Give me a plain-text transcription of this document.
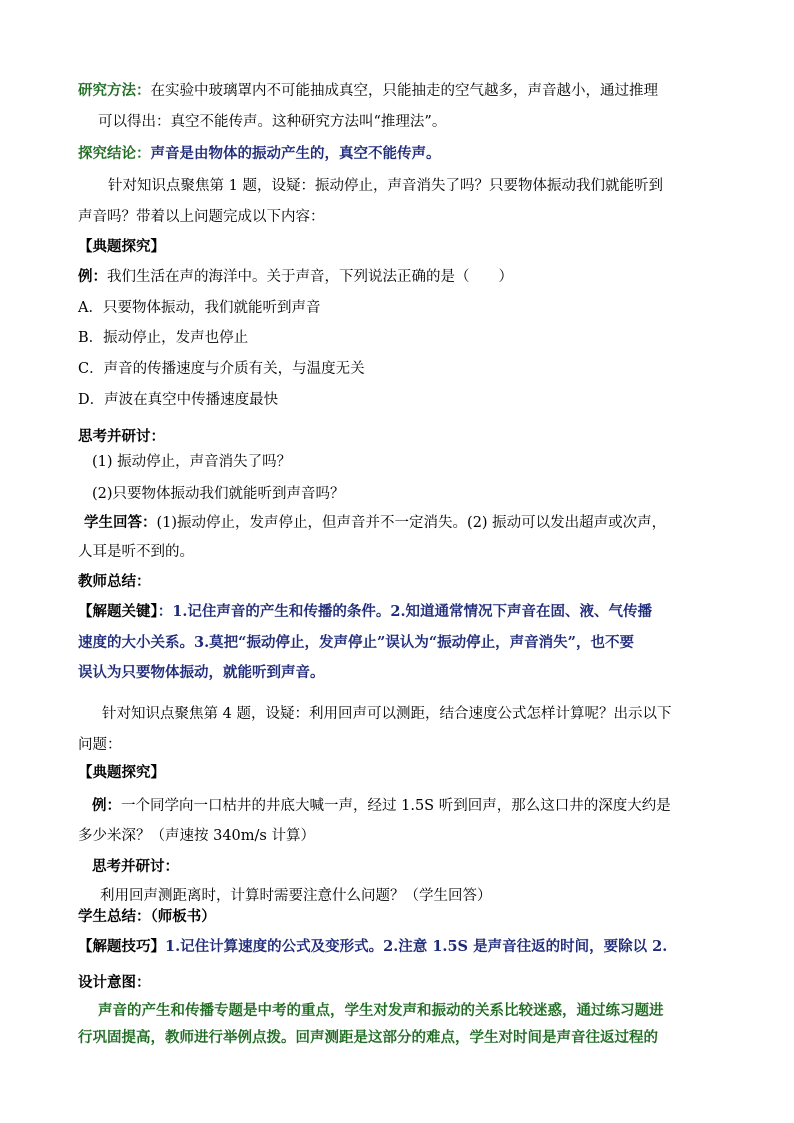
研究方法：在实验中玻璃罩内不可能抽成真空，只能抽走的空气越多，声音越小，通过推理
可以得出：真空不能传声。这种研究方法叫“推理法”。
探究结论：声音是由物体的振动产生的，真空不能传声。
针对知识点聚焦第 1 题，设疑：振动停止，声音消失了吗？只要物体振动我们就能听到
声音吗？带着以上问题完成以下内容：
【典题探究】
例：我们生活在声的海洋中。关于声音，下列说法正确的是（　　）
A．只要物体振动，我们就能听到声音
B．振动停止，发声也停止
C．声音的传播速度与介质有关，与温度无关
D．声波在真空中传播速度最快
思考并研讨：
(1) 振动停止，声音消失了吗？
(2)只要物体振动我们就能听到声音吗？
学生回答：(1)振动停止，发声停止，但声音并不一定消失。(2) 振动可以发出超声或次声，
人耳是听不到的。
教师总结：
【解题关键】：1.记住声音的产生和传播的条件。2.知道通常情况下声音在固、液、气传播
速度的大小关系。3.莫把“振动停止，发声停止”误认为“振动停止，声音消失”，也不要
误认为只要物体振动，就能听到声音。
针对知识点聚焦第 4 题，设疑：利用回声可以测距，结合速度公式怎样计算呢？出示以下
问题：
【典题探究】
例：一个同学向一口枯井的井底大喊一声，经过 1.5S 听到回声，那么这口井的深度大约是
多少米深？（声速按 340m/s 计算）
思考并研讨：
利用回声测距离时，计算时需要注意什么问题？（学生回答）
学生总结：（师板书）
【解题技巧】1.记住计算速度的公式及变形式。2.注意 1.5S 是声音往返的时间，要除以 2.
设计意图：
声音的产生和传播专题是中考的重点，学生对发声和振动的关系比较迷惑，通过练习题进
行巩固提高，教师进行举例点拨。回声测距是这部分的难点，学生对时间是声音往返过程的
